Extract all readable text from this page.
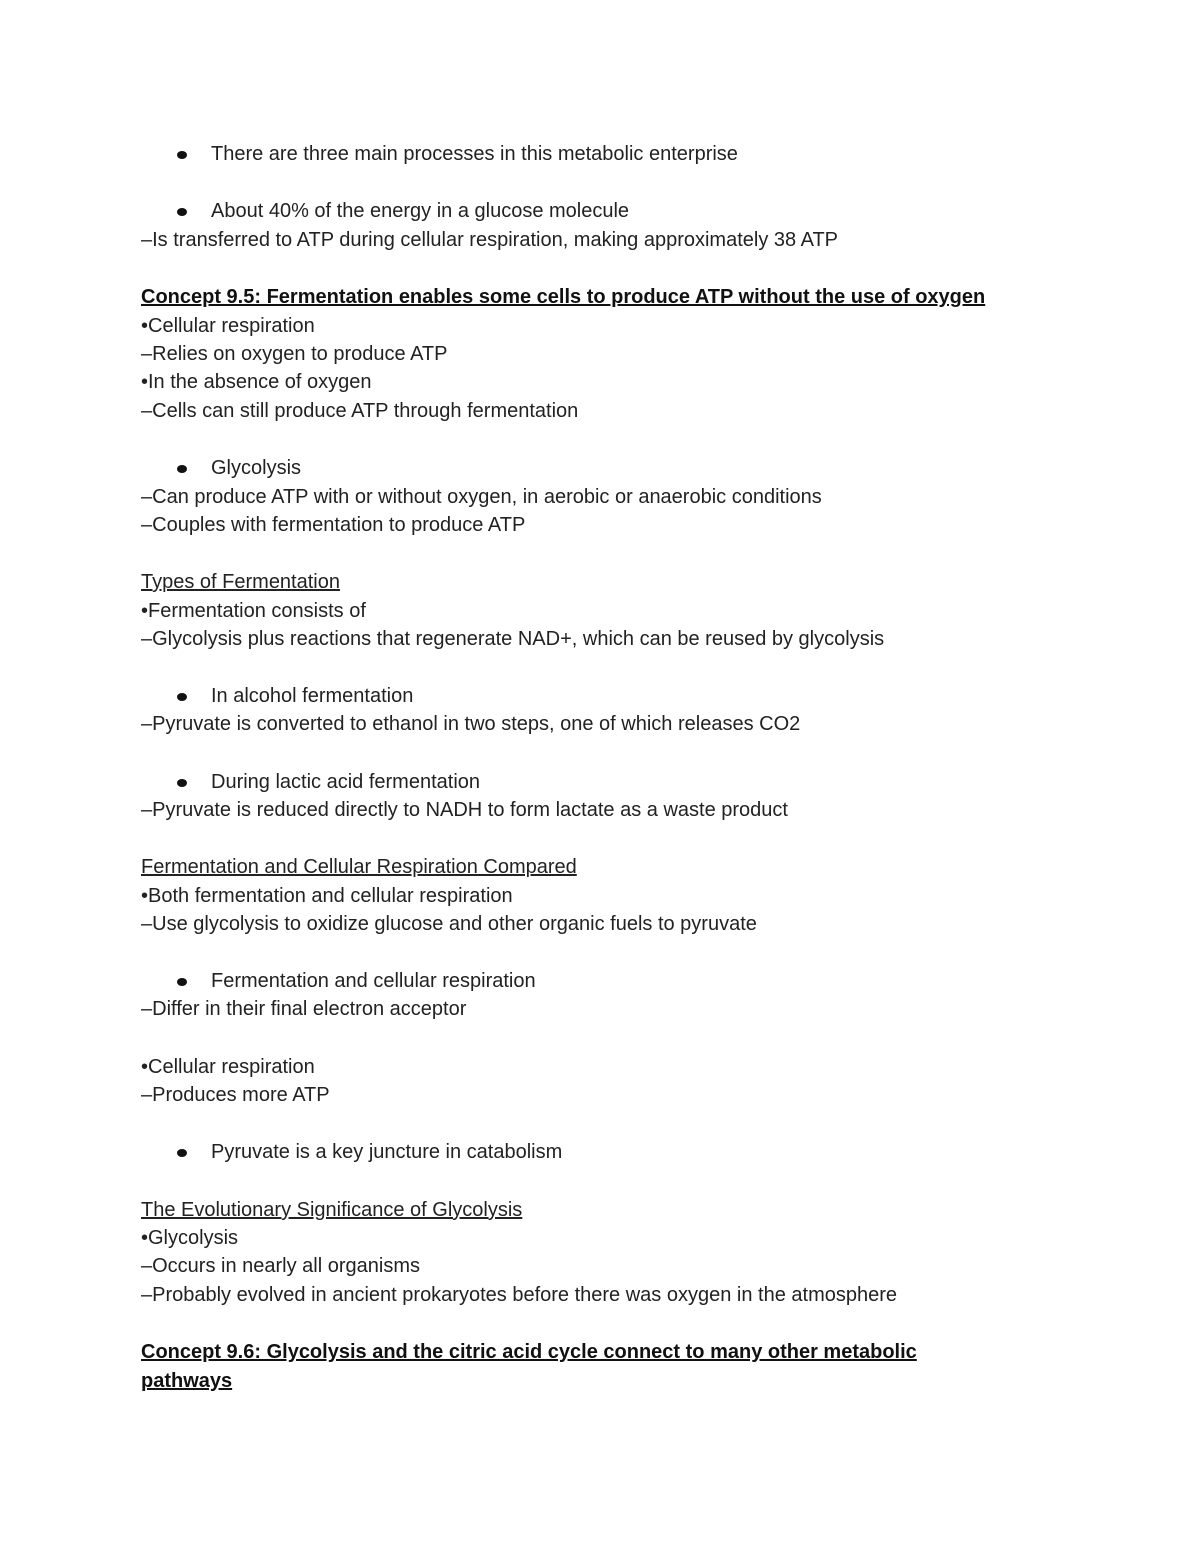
There are three main processes in this metabolic enterprise
About 40% of the energy in a glucose molecule
–Is transferred to ATP during cellular respiration, making approximately 38 ATP
Concept 9.5: Fermentation enables some cells to produce ATP without the use of oxygen
•Cellular respiration
–Relies on oxygen to produce ATP
•In the absence of oxygen
–Cells can still produce ATP through fermentation
Glycolysis
–Can produce ATP with or without oxygen, in aerobic or anaerobic conditions
–Couples with fermentation to produce ATP
Types of Fermentation
•Fermentation consists of
–Glycolysis plus reactions that regenerate NAD+, which can be reused by glycolysis
In alcohol fermentation
–Pyruvate is converted to ethanol in two steps, one of which releases CO2
During lactic acid fermentation
–Pyruvate is reduced directly to NADH to form lactate as a waste product
Fermentation and Cellular Respiration Compared
•Both fermentation and cellular respiration
–Use glycolysis to oxidize glucose and other organic fuels to pyruvate
Fermentation and cellular respiration
–Differ in their final electron acceptor
•Cellular respiration
–Produces more ATP
Pyruvate is a key juncture in catabolism
The Evolutionary Significance of Glycolysis
•Glycolysis
–Occurs in nearly all organisms
–Probably evolved in ancient prokaryotes before there was oxygen in the atmosphere
Concept 9.6: Glycolysis and the citric acid cycle connect to many other metabolic
pathways
